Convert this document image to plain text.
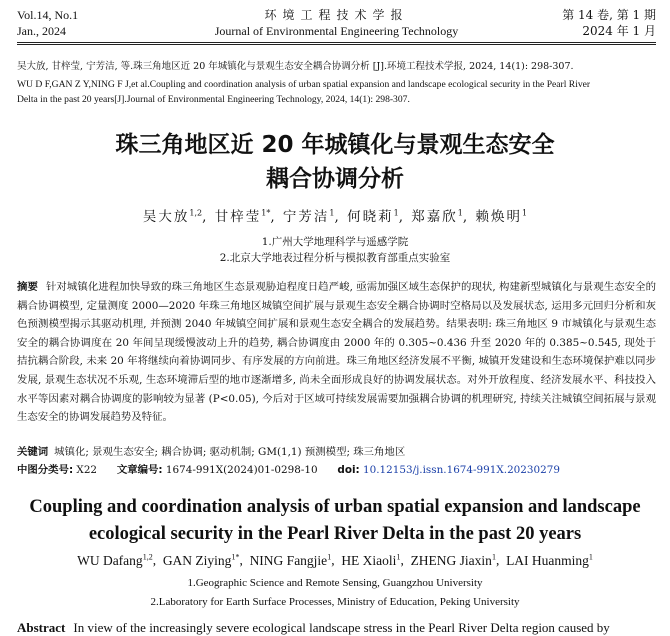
Vol.14, No.1
Jan., 2024
环境工程技术学报
Journal of Environmental Engineering Technology
第 14 卷, 第 1 期
2024 年 1 月

吴大放, 甘梓莹, 宁芳洁, 等.珠三角地区近 20 年城镇化与景观生态安全耦合协调分析 [J].环境工程技术学报, 2024, 14(1): 298-307.

WU D F,GAN Z Y,NING F J,et al.Coupling and coordination analysis of urban spatial expansion and landscape ecological security in the Pearl River

Delta in the past 20 years[J].Journal of Environmental Engineering Technology, 2024, 14(1): 298-307.

珠三角地区近 20 年城镇化与景观生态安全
耦合协调分析
吴大放$^{1,2}$, 甘梓莹$^{1*}$, 宁芳洁$^1$, 何晓莉$^1$, 郑嘉欣$^1$, 赖焕明$^1$
1.广州大学地理科学与遥感学院
2.北京大学地表过程分析与模拟教育部重点实验室
摘要 针对城镇化进程加快导致的珠三角地区生态景观胁迫程度日趋严峻, 亟需加强区域生态保护的现状, 构建新型城镇化与景观生态安全的耦合协调模型, 定量测度 2000—2020 年珠三角地区城镇空间扩展与景观生态安全耦合协调时空格局以及发展状态, 运用多元回归分析和灰色预测模型揭示其驱动机理, 并预测 2040 年城镇空间扩展和景观生态安全耦合的发展趋势。结果表明: 珠三角地区 9 市城镇化与景观生态安全的耦合协调度在 20 年间呈现缓慢波动上升的趋势, 耦合协调度由 2000 年的 0.305~0.436 升至 2020 年的 0.385~0.545, 现处于拮抗耦合阶段, 未来 20 年将继续向着协调同步、有序发展的方向前进。珠三角地区经济发展不平衡, 城镇开发建设和生态环境保护难以同步发展, 景观生态状况不乐观, 生态环境滞后型的地市逐渐增多, 尚未全面形成良好的协调发展状态。对外开放程度、经济发展水平、科技投入水平等因素对耦合协调度的影响较为显著 (P<0.05), 今后对于区域可持续发展需要加强耦合协调的机理研究, 持续关注城镇空间拓展与景观生态安全的协调发展趋势及特征。
关键词 城镇化; 景观生态安全; 耦合协调; 驱动机制; GM(1,1) 预测模型; 珠三角地区
中图分类号: X22 文章编号: 1674-991X(2024)01-0298-10 doi: 10.12153/j.issn.1674-991X.20230279
Coupling and coordination analysis of urban spatial expansion and landscape
ecological security in the Pearl River Delta in the past 20 years
WU Dafang$^{1,2}$,  GAN Ziying$^{1*}$,  NING Fangjie$^1$,  HE Xiaoli$^1$,  ZHENG Jiaxin$^1$,  LAI Huanming$^1$
1.Geographic Science and Remote Sensing, Guangzhou University
2.Laboratory for Earth Surface Processes, Ministry of Education, Peking University
Abstract In view of the increasingly severe ecological landscape stress in the Pearl River Delta region caused by
